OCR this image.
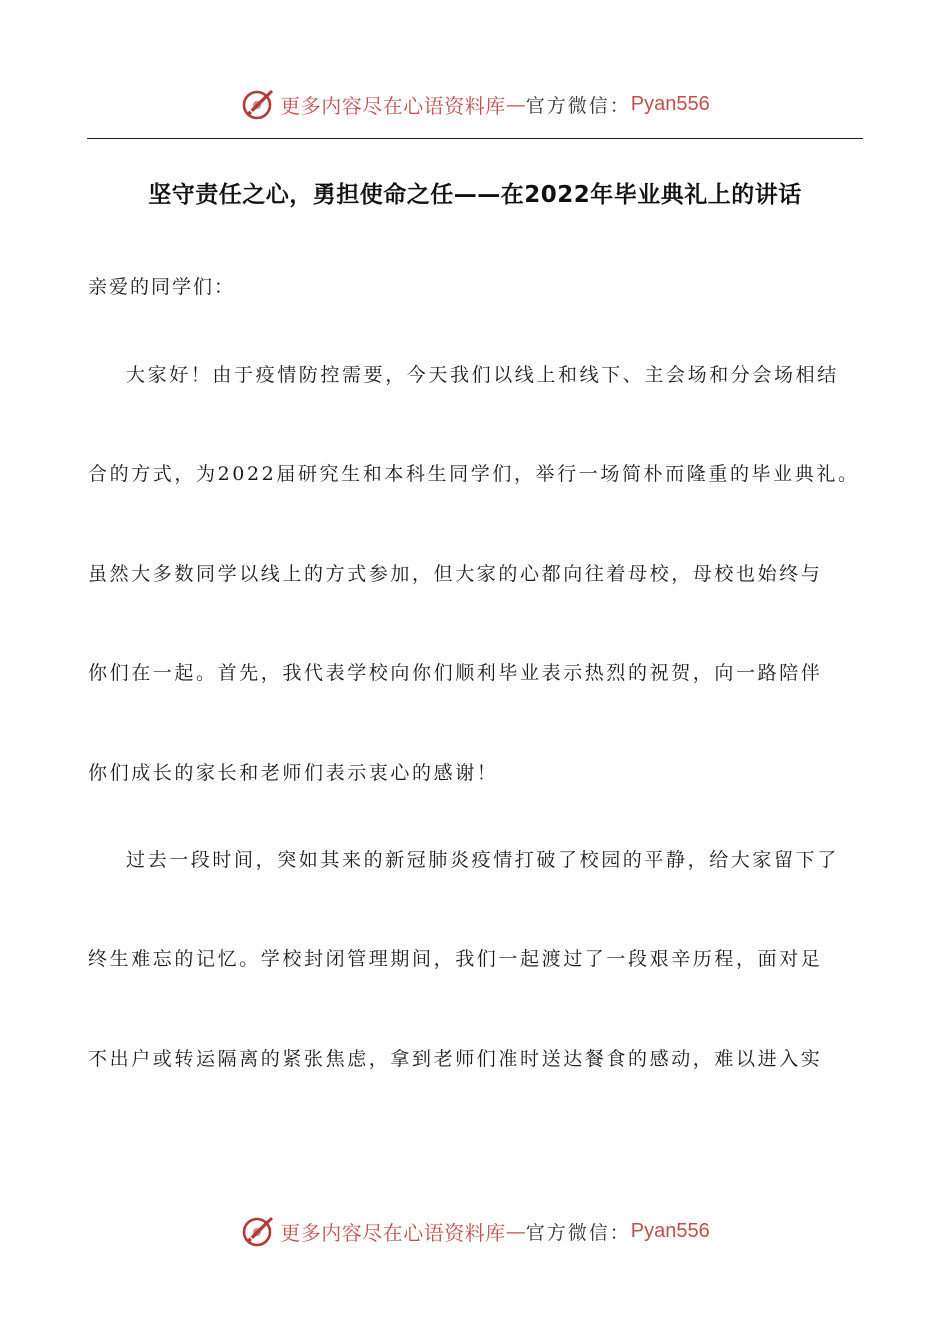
更多内容尽在心语资料库 — 官方微信： Pyan556
坚守责任之心，勇担使命之任——在2022年毕业典礼上的讲话
亲爱的同学们：
大家好！由于疫情防控需要，今天我们以线上和线下、主会场和分会场相结
合的方式，为2022届研究生和本科生同学们，举行一场简朴而隆重的毕业典礼。
虽然大多数同学以线上的方式参加，但大家的心都向往着母校，母校也始终与
你们在一起。首先，我代表学校向你们顺利毕业表示热烈的祝贺，向一路陪伴
你们成长的家长和老师们表示衷心的感谢！
过去一段时间，突如其来的新冠肺炎疫情打破了校园的平静，给大家留下了
终生难忘的记忆。学校封闭管理期间，我们一起渡过了一段艰辛历程，面对足
不出户或转运隔离的紧张焦虑，拿到老师们准时送达餐食的感动，难以进入实
更多内容尽在心语资料库 — 官方微信： Pyan556
